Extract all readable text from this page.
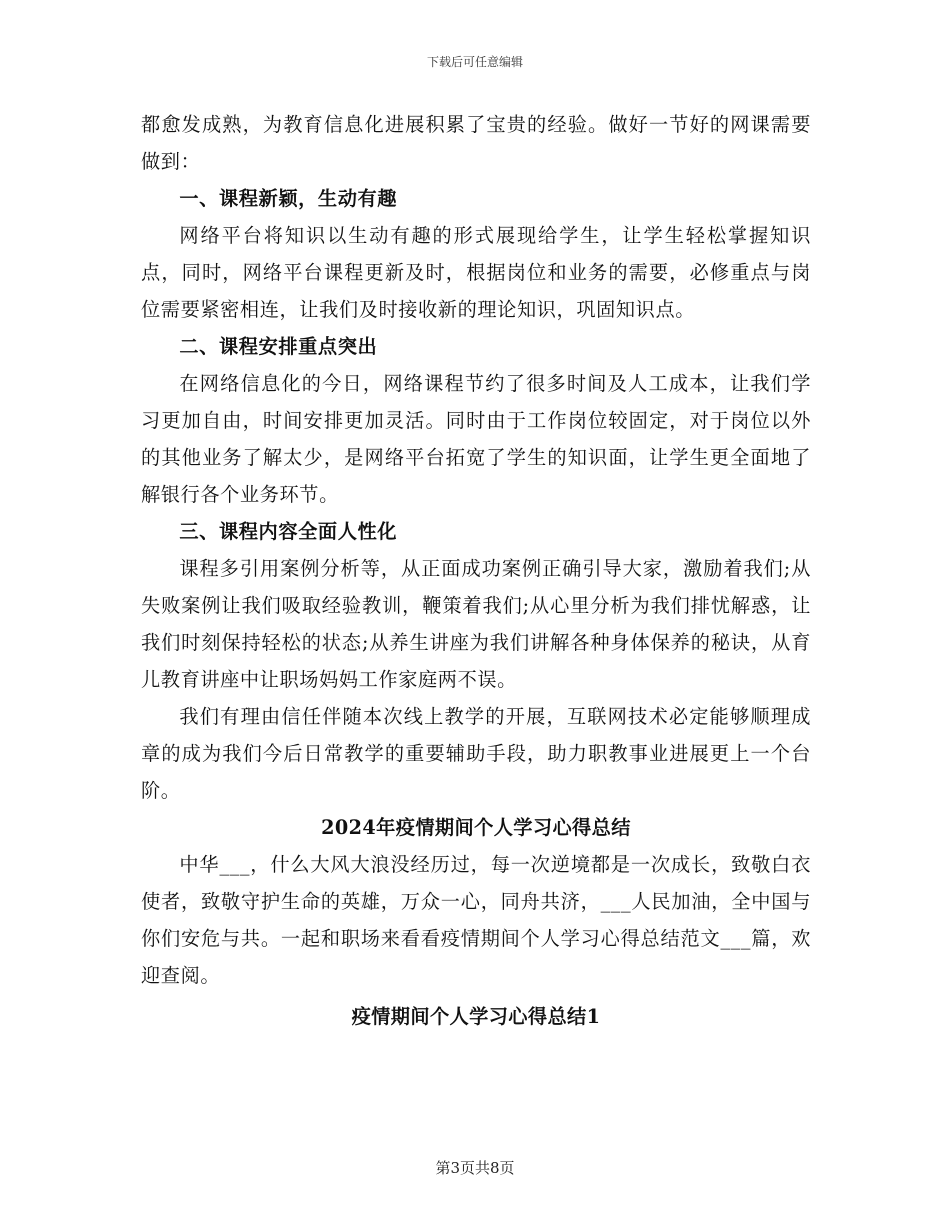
下载后可任意编辑

都愈发成熟，为教育信息化进展积累了宝贵的经验。做好一节好的网课需要做到：

一、课程新颖，生动有趣

网络平台将知识以生动有趣的形式展现给学生，让学生轻松掌握知识点，同时，网络平台课程更新及时，根据岗位和业务的需要，必修重点与岗位需要紧密相连，让我们及时接收新的理论知识，巩固知识点。

二、课程安排重点突出

在网络信息化的今日，网络课程节约了很多时间及人工成本，让我们学习更加自由，时间安排更加灵活。同时由于工作岗位较固定，对于岗位以外的其他业务了解太少，是网络平台拓宽了学生的知识面，让学生更全面地了解银行各个业务环节。

三、课程内容全面人性化

课程多引用案例分析等，从正面成功案例正确引导大家，激励着我们;从失败案例让我们吸取经验教训，鞭策着我们;从心里分析为我们排忧解惑，让我们时刻保持轻松的状态;从养生讲座为我们讲解各种身体保养的秘诀，从育儿教育讲座中让职场妈妈工作家庭两不误。

我们有理由信任伴随本次线上教学的开展，互联网技术必定能够顺理成章的成为我们今后日常教学的重要辅助手段，助力职教事业进展更上一个台阶。

2024年疫情期间个人学习心得总结

中华___，什么大风大浪没经历过，每一次逆境都是一次成长，致敬白衣使者，致敬守护生命的英雄，万众一心，同舟共济，___人民加油，全中国与你们安危与共。一起和职场来看看疫情期间个人学习心得总结范文___篇，欢迎查阅。

疫情期间个人学习心得总结1

第3页共8页
